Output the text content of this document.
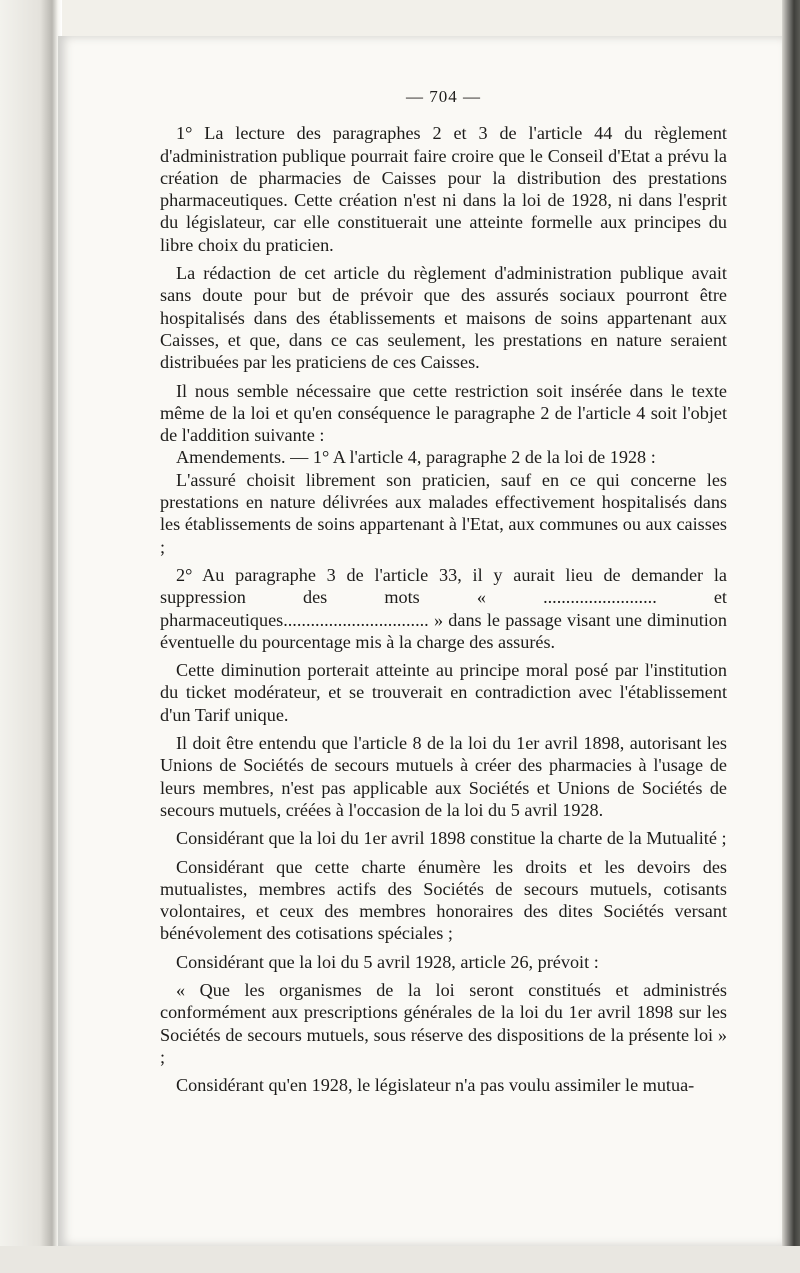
— 704 —

1° La lecture des paragraphes 2 et 3 de l'article 44 du règlement d'administration publique pourrait faire croire que le Conseil d'Etat a prévu la création de pharmacies de Caisses pour la distribution des prestations pharmaceutiques. Cette création n'est ni dans la loi de 1928, ni dans l'esprit du législateur, car elle constituerait une atteinte formelle aux principes du libre choix du praticien.

La rédaction de cet article du règlement d'administration publique avait sans doute pour but de prévoir que des assurés sociaux pourront être hospitalisés dans des établissements et maisons de soins appartenant aux Caisses, et que, dans ce cas seulement, les prestations en nature seraient distribuées par les praticiens de ces Caisses.

Il nous semble nécessaire que cette restriction soit insérée dans le texte même de la loi et qu'en conséquence le paragraphe 2 de l'article 4 soit l'objet de l'addition suivante :

Amendements. — 1° A l'article 4, paragraphe 2 de la loi de 1928 :

L'assuré choisit librement son praticien, sauf en ce qui concerne les prestations en nature délivrées aux malades effectivement hospitalisés dans les établissements de soins appartenant à l'Etat, aux communes ou aux caisses ;

2° Au paragraphe 3 de l'article 33, il y aurait lieu de demander la suppression des mots « ......................... et pharmaceutiques................................ » dans le passage visant une diminution éventuelle du pourcentage mis à la charge des assurés.

Cette diminution porterait atteinte au principe moral posé par l'institution du ticket modérateur, et se trouverait en contradiction avec l'établissement d'un Tarif unique.

Il doit être entendu que l'article 8 de la loi du 1er avril 1898, autorisant les Unions de Sociétés de secours mutuels à créer des pharmacies à l'usage de leurs membres, n'est pas applicable aux Sociétés et Unions de Sociétés de secours mutuels, créées à l'occasion de la loi du 5 avril 1928.

Considérant que la loi du 1er avril 1898 constitue la charte de la Mutualité ;

Considérant que cette charte énumère les droits et les devoirs des mutualistes, membres actifs des Sociétés de secours mutuels, cotisants volontaires, et ceux des membres honoraires des dites Sociétés versant bénévolement des cotisations spéciales ;

Considérant que la loi du 5 avril 1928, article 26, prévoit :

« Que les organismes de la loi seront constitués et administrés conformément aux prescriptions générales de la loi du 1er avril 1898 sur les Sociétés de secours mutuels, sous réserve des dispositions de la présente loi » ;

Considérant qu'en 1928, le législateur n'a pas voulu assimiler le mutua-
